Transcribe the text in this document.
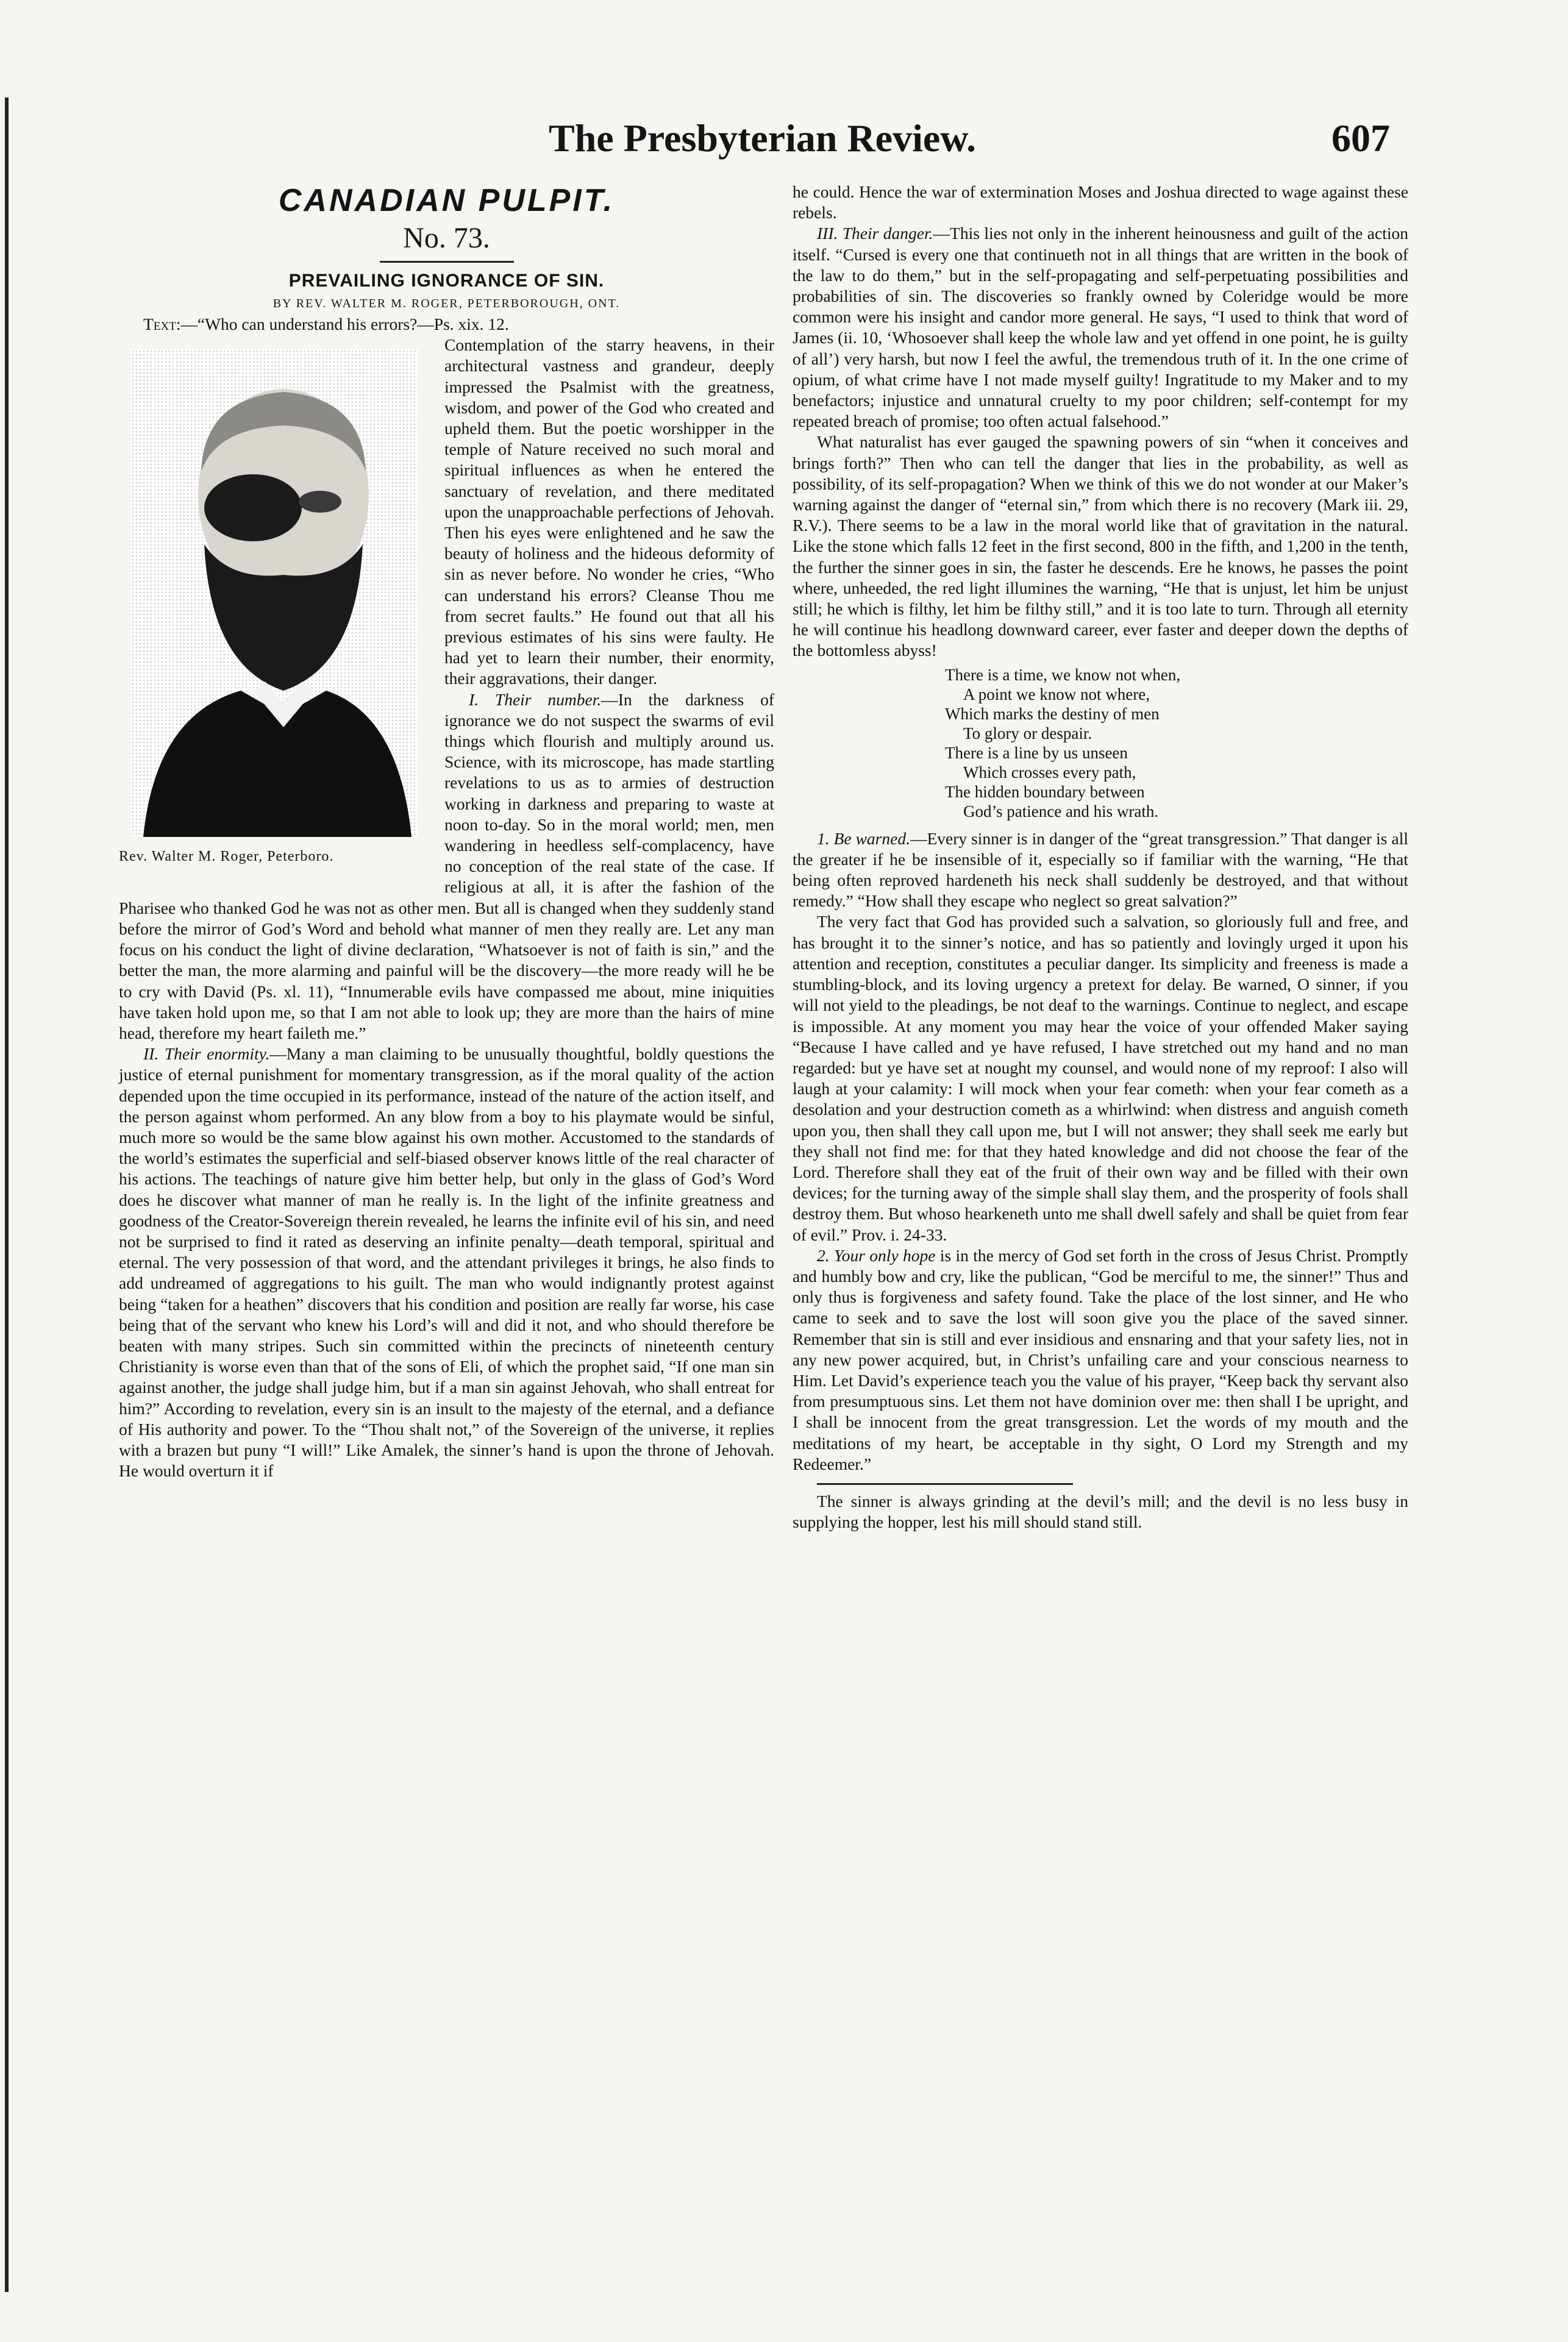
The Presbyterian Review.	607
CANADIAN PULPIT.
No. 73.
PREVAILING IGNORANCE OF SIN.
BY REV. WALTER M. ROGER, PETERBOROUGH, ONT.

Text:—“Who can understand his errors?—Ps. xix. 12.

Rev. Walter M. Roger, Peterboro.

Contemplation of the starry heavens, in their architectural vastness and grandeur, deeply impressed the Psalmist with the greatness, wisdom, and power of the God who created and upheld them. But the poetic worshipper in the temple of Nature received no such moral and spiritual influences as when he entered the sanctuary of revelation, and there meditated upon the unapproachable perfections of Jehovah. Then his eyes were enlightened and he saw the beauty of holiness and the hideous deformity of sin as never before. No wonder he cries, “Who can understand his errors? Cleanse Thou me from secret faults.” He found out that all his previous estimates of his sins were faulty. He had yet to learn their number, their enormity, their aggravations, their danger.

I. Their number.—In the darkness of ignorance we do not suspect the swarms of evil things which flourish and multiply around us. Science, with its microscope, has made startling revelations to us as to armies of destruction working in darkness and preparing to waste at noon to-day. So in the moral world; men, men wandering in heedless self-complacency, have no conception of the real state of the case. If religious at all, it is after the fashion of the Pharisee who thanked God he was not as other men. But all is changed when they suddenly stand before the mirror of God’s Word and behold what manner of men they really are. Let any man focus on his conduct the light of divine declaration, “Whatsoever is not of faith is sin,” and the better the man, the more alarming and painful will be the discovery—the more ready will he be to cry with David (Ps. xl. 11), “Innumerable evils have compassed me about, mine iniquities have taken hold upon me, so that I am not able to look up; they are more than the hairs of mine head, therefore my heart faileth me.”

II. Their enormity.—Many a man claiming to be unusually thoughtful, boldly questions the justice of eternal punishment for momentary transgression, as if the moral quality of the action depended upon the time occupied in its performance, instead of the nature of the action itself, and the person against whom performed. An any blow from a boy to his playmate would be sinful, much more so would be the same blow against his own mother. Accustomed to the standards of the world’s estimates the superficial and self-biased observer knows little of the real character of his actions. The teachings of nature give him better help, but only in the glass of God’s Word does he discover what manner of man he really is. In the light of the infinite greatness and goodness of the Creator-Sovereign therein revealed, he learns the infinite evil of his sin, and need not be surprised to find it rated as deserving an infinite penalty—death temporal, spiritual and eternal. The very possession of that word, and the attendant privileges it brings, he also finds to add undreamed of aggregations to his guilt. The man who would indignantly protest against being “taken for a heathen” discovers that his condition and position are really far worse, his case being that of the servant who knew his Lord’s will and did it not, and who should therefore be beaten with many stripes. Such sin committed within the precincts of nineteenth century Christianity is worse even than that of the sons of Eli, of which the prophet said, “If one man sin against another, the judge shall judge him, but if a man sin against Jehovah, who shall entreat for him?” According to revelation, every sin is an insult to the majesty of the eternal, and a defiance of His authority and power. To the “Thou shalt not,” of the Sovereign of the universe, it replies with a brazen but puny “I will!” Like Amalek, the sinner’s hand is upon the throne of Jehovah. He would overturn it if

he could. Hence the war of extermination Moses and Joshua directed to wage against these rebels.

III. Their danger.—This lies not only in the inherent heinousness and guilt of the action itself. “Cursed is every one that continueth not in all things that are written in the book of the law to do them,” but in the self-propagating and self-perpetuating possibilities and probabilities of sin. The discoveries so frankly owned by Coleridge would be more common were his insight and candor more general. He says, “I used to think that word of James (ii. 10, ‘Whosoever shall keep the whole law and yet offend in one point, he is guilty of all’) very harsh, but now I feel the awful, the tremendous truth of it. In the one crime of opium, of what crime have I not made myself guilty! Ingratitude to my Maker and to my benefactors; injustice and unnatural cruelty to my poor children; self-contempt for my repeated breach of promise; too often actual falsehood.”

What naturalist has ever gauged the spawning powers of sin “when it conceives and brings forth?” Then who can tell the danger that lies in the probability, as well as possibility, of its self-propagation? When we think of this we do not wonder at our Maker’s warning against the danger of “eternal sin,” from which there is no recovery (Mark iii. 29, R.V.). There seems to be a law in the moral world like that of gravitation in the natural. Like the stone which falls 12 feet in the first second, 800 in the fifth, and 1,200 in the tenth, the further the sinner goes in sin, the faster he descends. Ere he knows, he passes the point where, unheeded, the red light illumines the warning, “He that is unjust, let him be unjust still; he which is filthy, let him be filthy still,” and it is too late to turn. Through all eternity he will continue his headlong downward career, ever faster and deeper down the depths of the bottomless abyss!

There is a time, we know not when,
A point we know not where,
Which marks the destiny of men
To glory or despair.
There is a line by us unseen
Which crosses every path,
The hidden boundary between
God’s patience and his wrath.

1. Be warned.—Every sinner is in danger of the “great transgression.” That danger is all the greater if he be insensible of it, especially so if familiar with the warning, “He that being often reproved hardeneth his neck shall suddenly be destroyed, and that without remedy.” “How shall they escape who neglect so great salvation?”

The very fact that God has provided such a salvation, so gloriously full and free, and has brought it to the sinner’s notice, and has so patiently and lovingly urged it upon his attention and reception, constitutes a peculiar danger. Its simplicity and freeness is made a stumbling-block, and its loving urgency a pretext for delay. Be warned, O sinner, if you will not yield to the pleadings, be not deaf to the warnings. Continue to neglect, and escape is impossible. At any moment you may hear the voice of your offended Maker saying “Because I have called and ye have refused, I have stretched out my hand and no man regarded: but ye have set at nought my counsel, and would none of my reproof: I also will laugh at your calamity: I will mock when your fear cometh: when your fear cometh as a desolation and your destruction cometh as a whirlwind: when distress and anguish cometh upon you, then shall they call upon me, but I will not answer; they shall seek me early but they shall not find me: for that they hated knowledge and did not choose the fear of the Lord. Therefore shall they eat of the fruit of their own way and be filled with their own devices; for the turning away of the simple shall slay them, and the prosperity of fools shall destroy them. But whoso hearkeneth unto me shall dwell safely and shall be quiet from fear of evil.” Prov. i. 24-33.

2. Your only hope is in the mercy of God set forth in the cross of Jesus Christ. Promptly and humbly bow and cry, like the publican, “God be merciful to me, the sinner!” Thus and only thus is forgiveness and safety found. Take the place of the lost sinner, and He who came to seek and to save the lost will soon give you the place of the saved sinner. Remember that sin is still and ever insidious and ensnaring and that your safety lies, not in any new power acquired, but, in Christ’s unfailing care and your conscious nearness to Him. Let David’s experience teach you the value of his prayer, “Keep back thy servant also from presumptuous sins. Let them not have dominion over me: then shall I be upright, and I shall be innocent from the great transgression. Let the words of my mouth and the meditations of my heart, be acceptable in thy sight, O Lord my Strength and my Redeemer.”

The sinner is always grinding at the devil’s mill; and the devil is no less busy in supplying the hopper, lest his mill should stand still.
